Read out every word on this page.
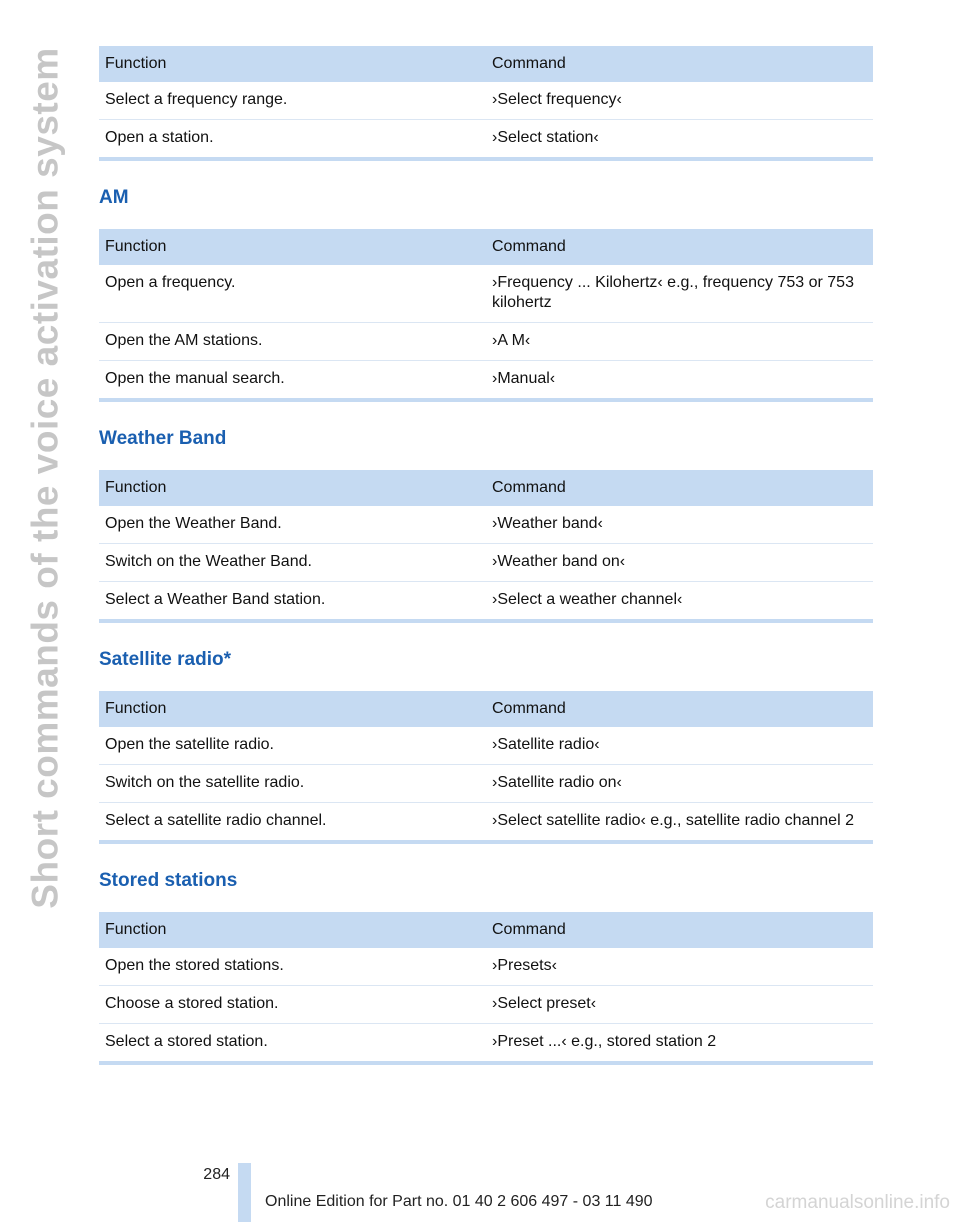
Short commands of the voice activation system Function	Command
Select a frequency range.	›Select frequency‹
Open a station.	›Select station‹
AM
Function	Command
Open a frequency.	›Frequency ... Kilohertz‹ e.g., frequency 753 or 753 kilohertz
Open the AM stations.	›A M‹
Open the manual search.	›Manual‹
Weather Band
Function	Command
Open the Weather Band.	›Weather band‹
Switch on the Weather Band.	›Weather band on‹
Select a Weather Band station.	›Select a weather channel‹
Satellite radio*
Function	Command
Open the satellite radio.	›Satellite radio‹
Switch on the satellite radio.	›Satellite radio on‹
Select a satellite radio channel.	›Select satellite radio‹ e.g., satellite radio channel 2
Stored stations
Function	Command
Open the stored stations.	›Presets‹
Choose a stored station.	›Select preset‹
Select a stored station.	›Preset ...‹ e.g., stored station 2
284
Online Edition for Part no. 01 40 2 606 497 - 03 11 490	carmanualsonline.info
